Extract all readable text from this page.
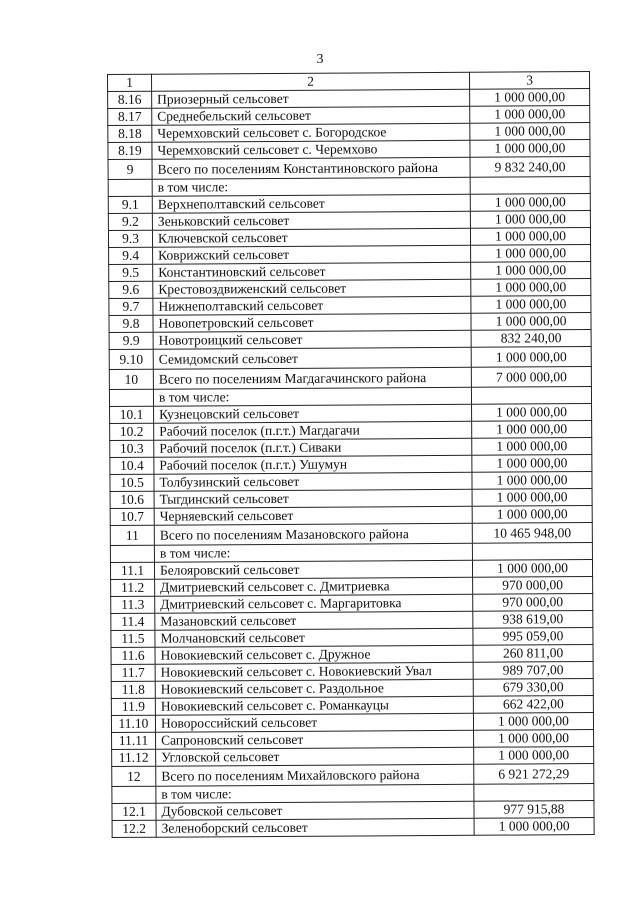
3
1	2	3
8.16	Приозерный сельсовет	1 000 000,00
8.17	Среднебельский сельсовет	1 000 000,00
8.18	Черемховский сельсовет с. Богородское	1 000 000,00
8.19	Черемховский сельсовет с. Черемхово	1 000 000,00
9	Всего по поселениям Константиновского района	9 832 240,00
	в том числе:	
9.1	Верхнеполтавский сельсовет	1 000 000,00
9.2	Зеньковский сельсовет	1 000 000,00
9.3	Ключевской сельсовет	1 000 000,00
9.4	Коврижский сельсовет	1 000 000,00
9.5	Константиновский сельсовет	1 000 000,00
9.6	Крестовоздвиженский сельсовет	1 000 000,00
9.7	Нижнеполтавский сельсовет	1 000 000,00
9.8	Новопетровский сельсовет	1 000 000,00
9.9	Новотроицкий сельсовет	832 240,00
9.10	Семидомский сельсовет	1 000 000,00
10	Всего по поселениям Магдагачинского района	7 000 000,00
	в том числе:	
10.1	Кузнецовский сельсовет	1 000 000,00
10.2	Рабочий поселок (п.г.т.) Магдагачи	1 000 000,00
10.3	Рабочий поселок (п.г.т.) Сиваки	1 000 000,00
10.4	Рабочий поселок (п.г.т.) Ушумун	1 000 000,00
10.5	Толбузинский сельсовет	1 000 000,00
10.6	Тыгдинский сельсовет	1 000 000,00
10.7	Черняевский сельсовет	1 000 000,00
11	Всего по поселениям Мазановского района	10 465 948,00
	в том числе:	
11.1	Белояровский сельсовет	1 000 000,00
11.2	Дмитриевский сельсовет с. Дмитриевка	970 000,00
11.3	Дмитриевский сельсовет с. Маргаритовка	970 000,00
11.4	Мазановский сельсовет	938 619,00
11.5	Молчановский сельсовет	995 059,00
11.6	Новокиевский сельсовет с. Дружное	260 811,00
11.7	Новокиевский сельсовет с. Новокиевский Увал	989 707,00
11.8	Новокиевский сельсовет с. Раздольное	679 330,00
11.9	Новокиевский сельсовет с. Романкауцы	662 422,00
11.10	Новороссийский сельсовет	1 000 000,00
11.11	Сапроновский сельсовет	1 000 000,00
11.12	Угловской сельсовет	1 000 000,00
12	Всего по поселениям Михайловского района	6 921 272,29
	в том числе:	
12.1	Дубовской сельсовет	977 915,88
12.2	Зеленоборский сельсовет	1 000 000,00
